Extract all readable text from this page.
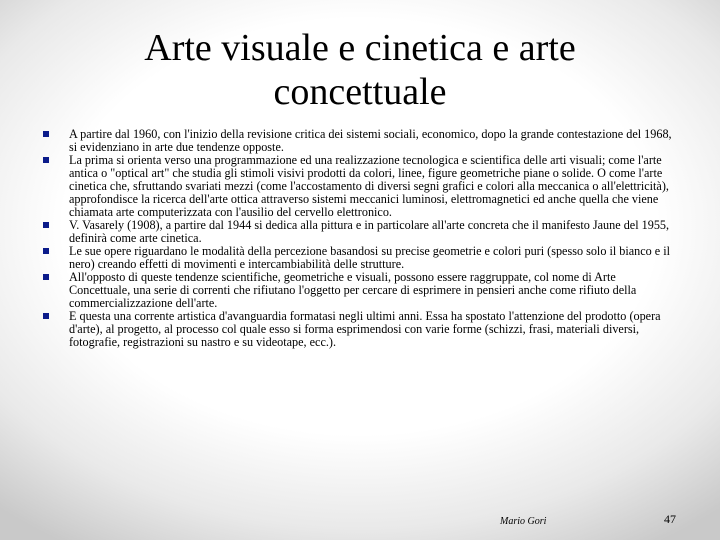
Arte visuale e cinetica e arte concettuale
A partire dal 1960, con l'inizio della revisione critica dei sistemi sociali, economico, dopo la grande contestazione del 1968, si evidenziano in arte due tendenze opposte.
La prima si orienta verso una programmazione ed una realizzazione tecnologica e scientifica delle arti visuali; come l'arte antica o "optical art" che studia gli stimoli visivi prodotti da colori, linee, figure geometriche piane o solide. O come l'arte cinetica che, sfruttando svariati mezzi (come l'accostamento di diversi segni grafici e colori alla meccanica o all'elettricità), approfondisce la ricerca dell'arte ottica attraverso sistemi meccanici luminosi, elettromagnetici ed anche quella che viene chiamata arte computerizzata con l'ausilio del cervello elettronico.
V. Vasarely (1908), a partire dal 1944 si dedica alla pittura e in particolare all'arte concreta che il manifesto Jaune del 1955, definirà come arte cinetica.
Le sue opere riguardano le modalità della percezione basandosi su precise geometrie e colori puri (spesso solo il bianco e il nero) creando effetti di movimenti e intercambiabilità delle strutture.
All'opposto di queste tendenze scientifiche, geometriche e visuali, possono essere raggruppate, col nome di Arte Concettuale, una serie di correnti che rifiutano l'oggetto per cercare di esprimere in pensieri anche come rifiuto della commercializzazione dell'arte.
E questa una corrente artistica d'avanguardia formatasi negli ultimi anni. Essa ha spostato l'attenzione del prodotto (opera d'arte), al progetto, al processo col quale esso si forma esprimendosi con varie forme (schizzi, frasi, materiali diversi, fotografie, registrazioni su nastro e su videotape, ecc.).
Mario Gori	47
